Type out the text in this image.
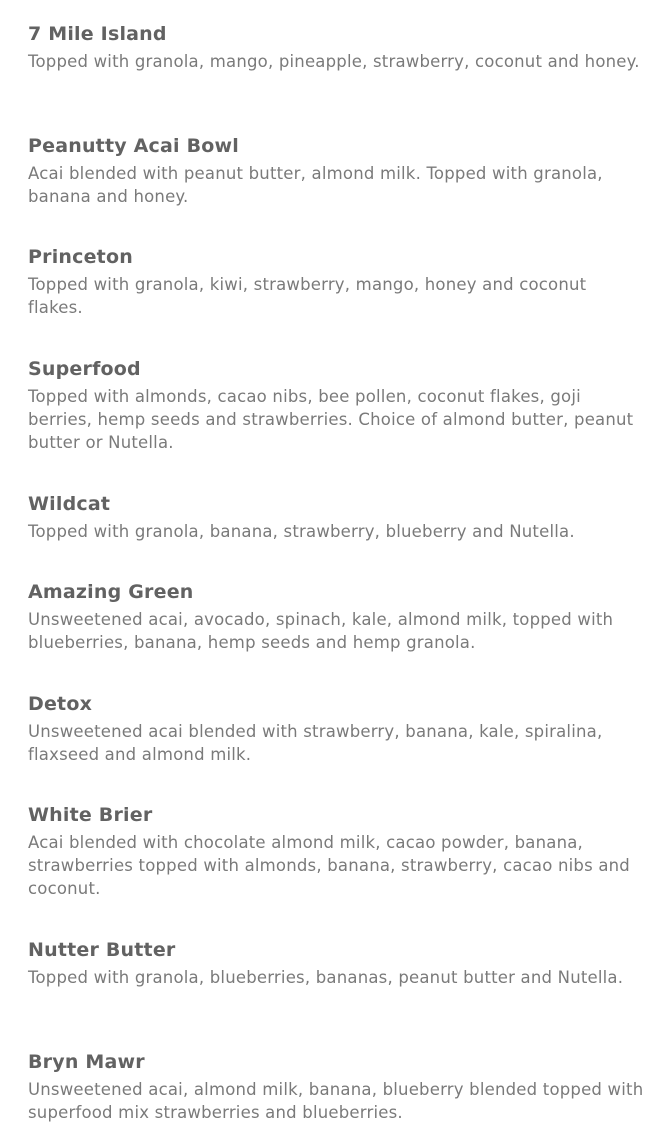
7 Mile Island
Topped with granola, mango, pineapple, strawberry, coconut and honey.
Peanutty Acai Bowl
Acai blended with peanut butter, almond milk. Topped with granola, banana and honey.
Princeton
Topped with granola, kiwi, strawberry, mango, honey and coconut flakes.
Superfood
Topped with almonds, cacao nibs, bee pollen, coconut flakes, goji berries, hemp seeds and strawberries. Choice of almond butter, peanut butter or Nutella.
Wildcat
Topped with granola, banana, strawberry, blueberry and Nutella.
Amazing Green
Unsweetened acai, avocado, spinach, kale, almond milk, topped with blueberries, banana, hemp seeds and hemp granola.
Detox
Unsweetened acai blended with strawberry, banana, kale, spiralina, flaxseed and almond milk.
White Brier
Acai blended with chocolate almond milk, cacao powder, banana, strawberries topped with almonds, banana, strawberry, cacao nibs and coconut.
Nutter Butter
Topped with granola, blueberries, bananas, peanut butter and Nutella.
Bryn Mawr
Unsweetened acai, almond milk, banana, blueberry blended topped with superfood mix strawberries and blueberries.
